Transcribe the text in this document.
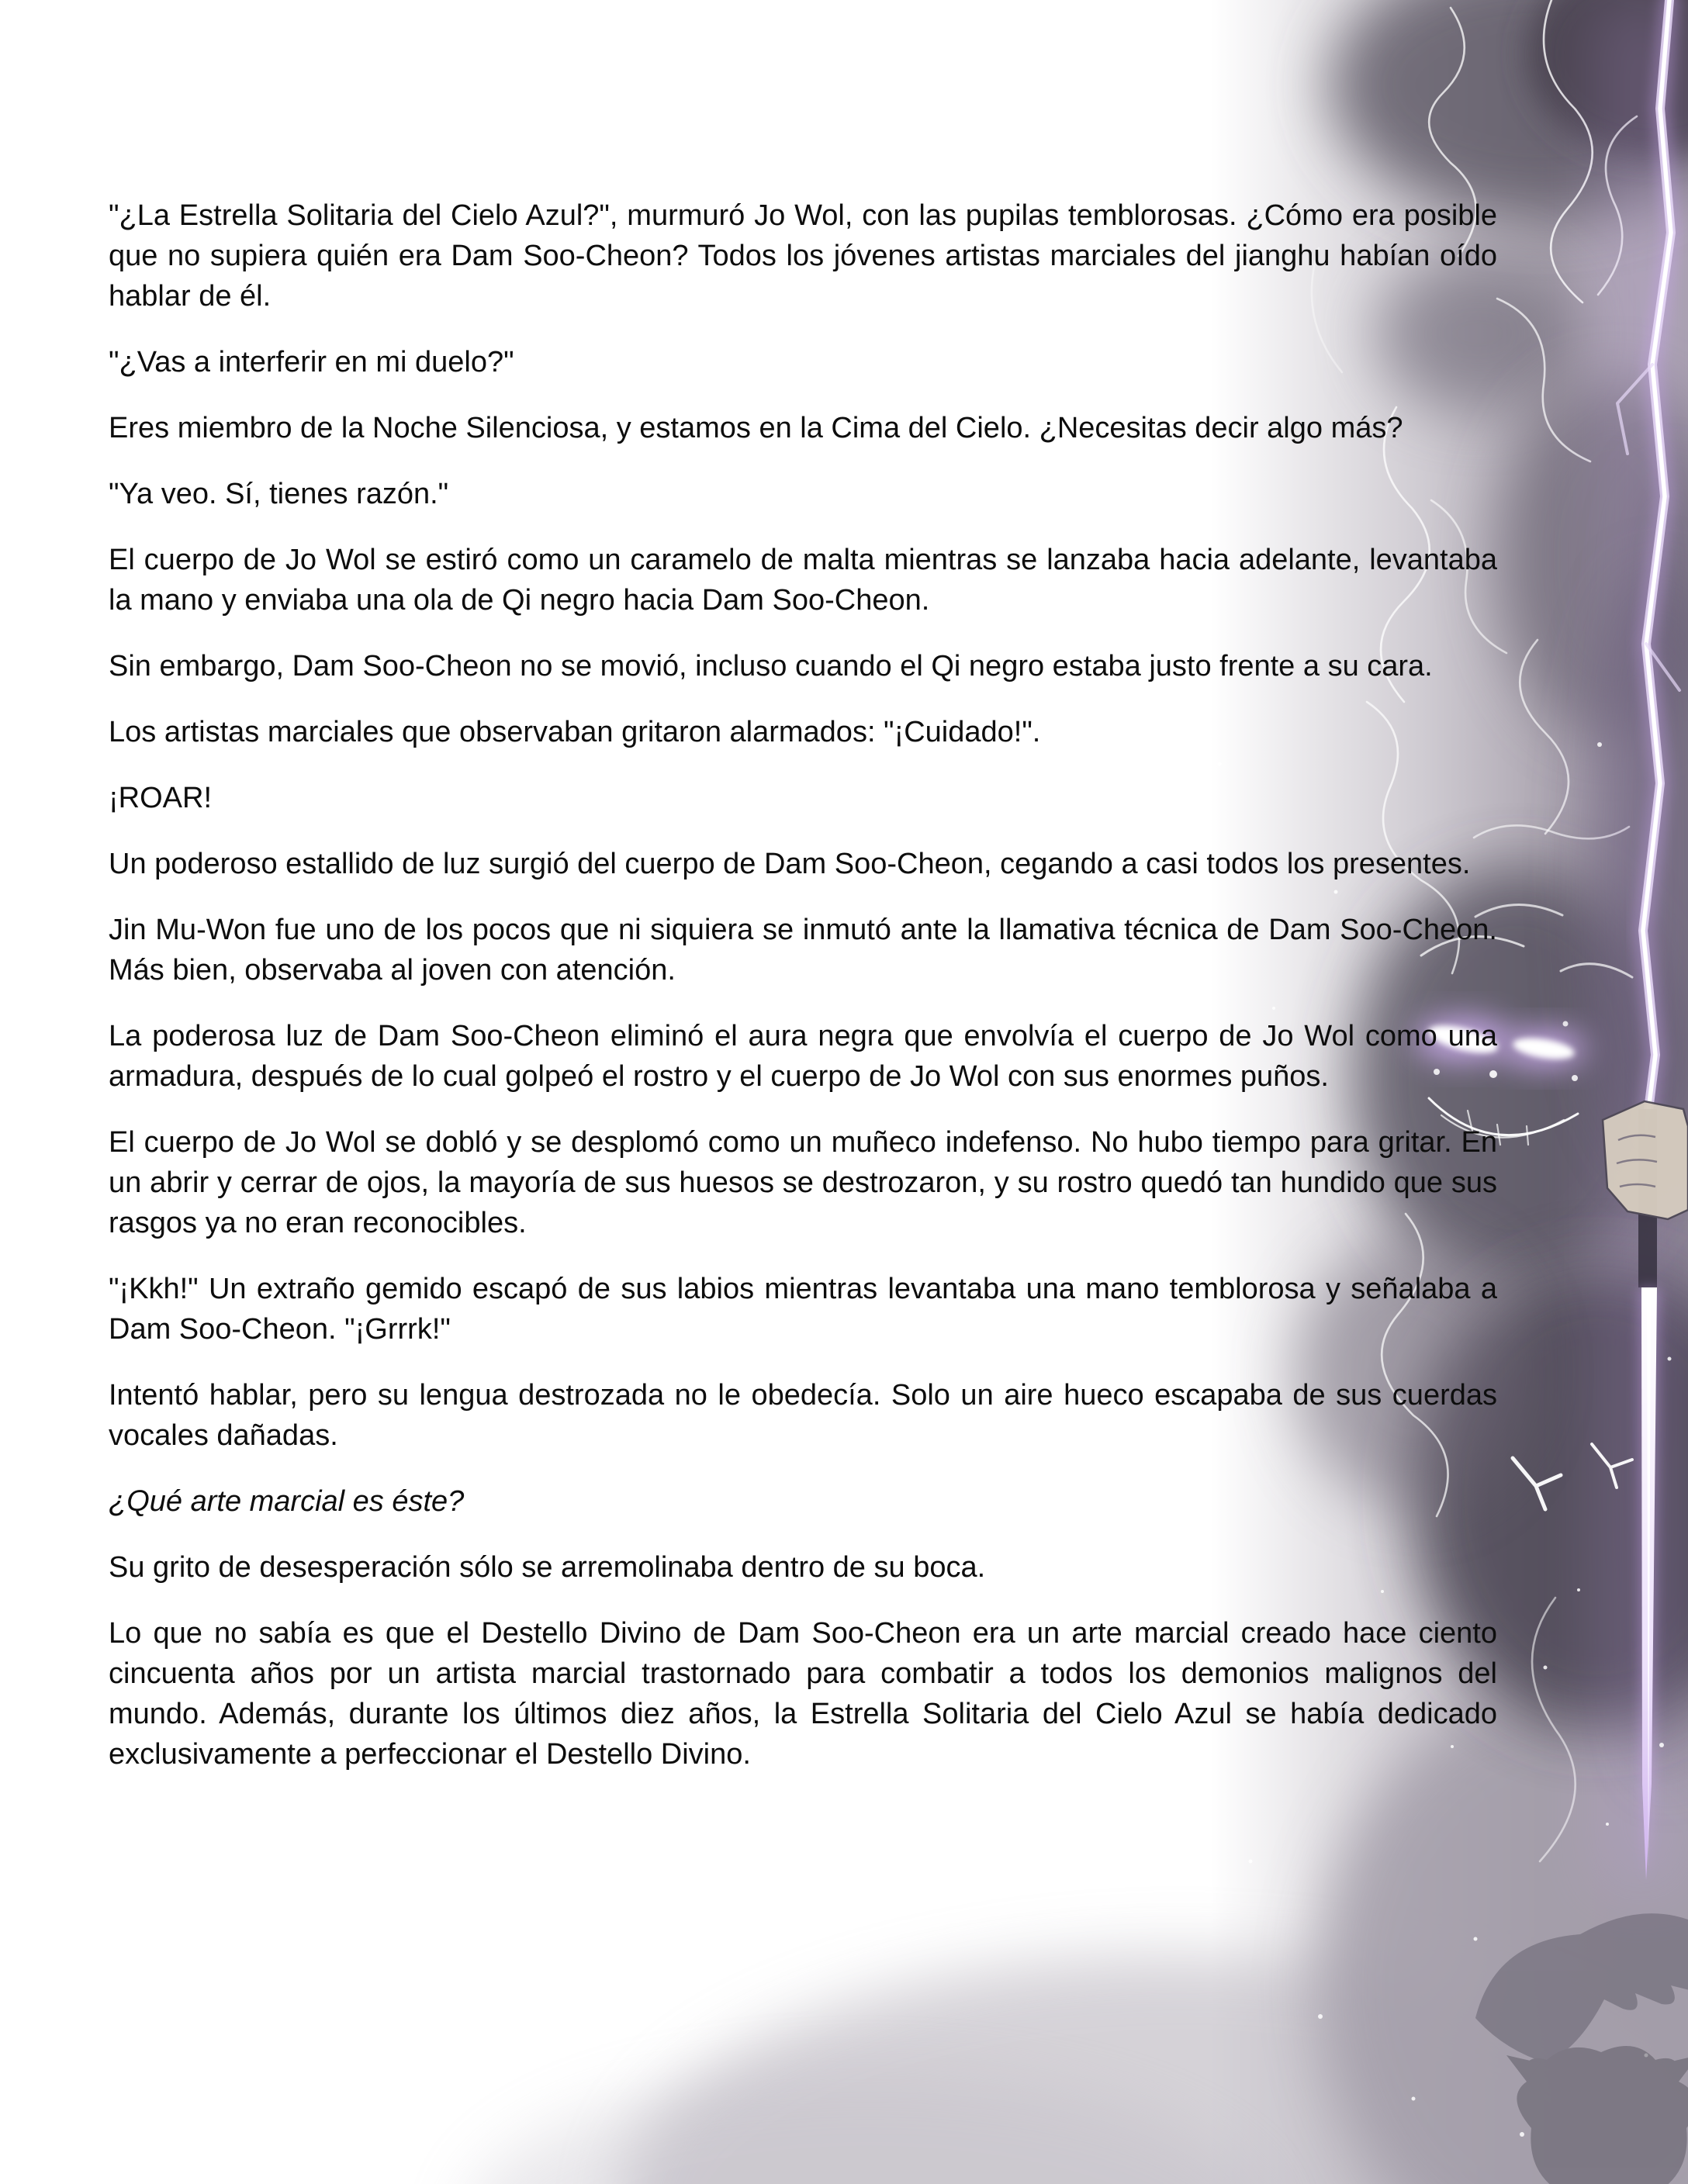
"¿La Estrella Solitaria del Cielo Azul?", murmuró Jo Wol, con las pupilas temblorosas. ¿Cómo era posible que no supiera quién era Dam Soo-Cheon? Todos los jóvenes artistas marciales del jianghu habían oído hablar de él.

"¿Vas a interferir en mi duelo?"

Eres miembro de la Noche Silenciosa, y estamos en la Cima del Cielo. ¿Necesitas decir algo más?

"Ya veo. Sí, tienes razón."

El cuerpo de Jo Wol se estiró como un caramelo de malta mientras se lanzaba hacia adelante, levantaba la mano y enviaba una ola de Qi negro hacia Dam Soo-Cheon.

Sin embargo, Dam Soo-Cheon no se movió, incluso cuando el Qi negro estaba justo frente a su cara.

Los artistas marciales que observaban gritaron alarmados: "¡Cuidado!".

¡ROAR!

Un poderoso estallido de luz surgió del cuerpo de Dam Soo-Cheon, cegando a casi todos los presentes.

Jin Mu-Won fue uno de los pocos que ni siquiera se inmutó ante la llamativa técnica de Dam Soo-Cheon. Más bien, observaba al joven con atención.

La poderosa luz de Dam Soo-Cheon eliminó el aura negra que envolvía el cuerpo de Jo Wol como una armadura, después de lo cual golpeó el rostro y el cuerpo de Jo Wol con sus enormes puños.

El cuerpo de Jo Wol se dobló y se desplomó como un muñeco indefenso. No hubo tiempo para gritar. En un abrir y cerrar de ojos, la mayoría de sus huesos se destrozaron, y su rostro quedó tan hundido que sus rasgos ya no eran reconocibles.

"¡Kkh!" Un extraño gemido escapó de sus labios mientras levantaba una mano temblorosa y señalaba a Dam Soo-Cheon. "¡Grrrk!"

Intentó hablar, pero su lengua destrozada no le obedecía. Solo un aire hueco escapaba de sus cuerdas vocales dañadas.

¿Qué arte marcial es éste?

Su grito de desesperación sólo se arremolinaba dentro de su boca.

Lo que no sabía es que el Destello Divino de Dam Soo-Cheon era un arte marcial creado hace ciento cincuenta años por un artista marcial trastornado para combatir a todos los demonios malignos del mundo. Además, durante los últimos diez años, la Estrella Solitaria del Cielo Azul se había dedicado exclusivamente a perfeccionar el Destello Divino.
